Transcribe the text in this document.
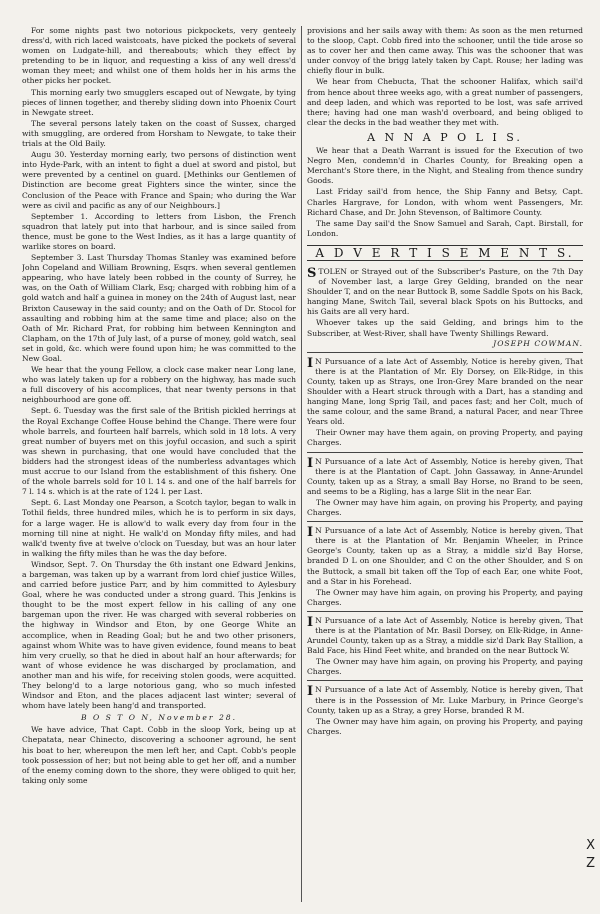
For some nights past two notorious pickpockets, very genteely dress'd, with rich laced waistcoats, have picked the pockets of several women on Ludgate-hill, and thereabouts; which they effect by pretending to be in liquor, and requesting a kiss of any well dress'd woman they meet; and whilst one of them holds her in his arms the other picks her pocket.

This morning early two smugglers escaped out of Newgate, by tying pieces of linnen together, and thereby sliding down into Phoenix Court in Newgate street.

The several persons lately taken on the coast of Sussex, charged with smuggling, are ordered from Horsham to Newgate, to take their trials at the Old Baily.

Augu 30. Yesterday morning early, two persons of distinction went into Hyde-Park, with an intent to fight a duel at sword and pistol, but were prevented by a centinel on guard. [Methinks our Gentlemen of Distinction are become great Fighters since the winter, since the Conclusion of the Peace with France and Spain; who during the War were as civil and pacific as any of our Neighbours.]

September 1. According to letters from Lisbon, the French squadron that lately put into that harbour, and is since sailed from thence, must be gone to the West Indies, as it has a large quantity of warlike stores on board.

September 3. Last Thursday Thomas Stanley was examined before John Copeland and William Browning, Esqrs. when several gentlemen appearing, who have lately been robbed in the county of Surrey, he was, on the Oath of William Clark, Esq; charged with robbing him of a gold watch and half a guinea in money on the 24th of August last, near Brixton Causeway in the said county; and on the Oath of Dr. Stocol for assaulting and robbing him at the same time and place; also on the Oath of Mr. Richard Prat, for robbing him between Kennington and Clapham, on the 17th of July last, of a purse of money, gold watch, seal set in gold, &c. which were found upon him; he was committed to the New Goal.

We hear that the young Fellow, a clock case maker near Long lane, who was lately taken up for a robbery on the highway, has made such a full discovery of his accomplices, that near twenty persons in that neighbourhood are gone off.

Sept. 6. Tuesday was the first sale of the British pickled herrings at the Royal Exchange Coffee House behind the Change. There were four whole barrels, and fourteen half barrels, which sold in 18 lots. A very great number of buyers met on this joyful occasion, and such a spirit was shewn in purchasing, that one would have concluded that the bidders had the strongest ideas of the numberless advantages which must accrue to our Island from the establishment of this fishery. One of the whole barrels sold for 10 l. 14 s. and one of the half barrels for 7 l. 14 s. which is at the rate of 124 l. per Last.

Sept. 6. Last Monday one Pearson, a Scotch taylor, began to walk in Tothil fields, three hundred miles, which he is to perform in six days, for a large wager. He is allow'd to walk every day from four in the morning till nine at night. He walk'd on Monday fifty miles, and had walk'd twenty five at twelve o'clock on Tuesday, but was an hour later in walking the fifty miles than he was the day before.

Windsor, Sept. 7. On Thursday the 6th instant one Edward Jenkins, a bargeman, was taken up by a warrant from lord chief justice Willes, and carried before justice Parr, and by him committed to Aylesbury Goal, where he was conducted under a strong guard. This Jenkins is thought to be the most expert fellow in his calling of any one bargeman upon the river. He was charged with several robberies on the highway in Windsor and Eton, by one George White an accomplice, when in Reading Goal; but he and two other prisoners, against whom White was to have given evidence, found means to beat him very cruelly, so that he died in about half an hour afterwards; for want of whose evidence he was discharged by proclamation, and another man and his wife, for receiving stolen goods, were acquitted. They belong'd to a large notorious gang, who so much infested Windsor and Eton, and the places adjacent last winter; several of whom have lately been hang'd and transported.

B O S T O N, November 28.

We have advice, That Capt. Cobb in the sloop York, being up at Chepatata, near Chinecto, discovering a schooner aground, he sent his boat to her, whereupon the men left her, and Capt. Cobb's people took possession of her; but not being able to get her off, and a number of the enemy coming down to the shore, they were obliged to quit her, taking only some

provisions and her sails away with them: As soon as the men returned to the sloop, Capt. Cobb fired into the schooner, until the tide arose so as to cover her and then came away. This was the schooner that was under convoy of the brigg lately taken by Capt. Rouse; her lading was chiefly flour in bulk.

We hear from Chebucta, That the schooner Halifax, which sail'd from hence about three weeks ago, with a great number of passengers, and deep laden, and which was reported to be lost, was safe arrived there; having had one man wash'd overboard, and being obliged to clear the decks in the bad weather they met with.

A N N A P O L I S.

We hear that a Death Warrant is issued for the Execution of two Negro Men, condemn'd in Charles County, for Breaking open a Merchant's Store there, in the Night, and Stealing from thence sundry Goods.

Last Friday sail'd from hence, the Ship Fanny and Betsy, Capt. Charles Hargrave, for London, with whom went Passengers, Mr. Richard Chase, and Dr. John Stevenson, of Baltimore County.

The same Day sail'd the Snow Samuel and Sarah, Capt. Birstall, for London.

A D V E R T I S E M E N T S.
S TOLEN or Strayed out of the Subscriber's Pasture, on the 7th Day of November last, a large Grey Gelding, branded on the near Shoulder T, and on the near Buttock B, some Saddle Spots on his Back, hanging Mane, Switch Tail, several black Spots on his Buttocks, and his Gaits are all very hard.

Whoever takes up the said Gelding, and brings him to the Subscriber, at West-River, shall have Twenty Shillings Reward.

JOSEPH COWMAN.
I N Pursuance of a late Act of Assembly, Notice is hereby given, That there is at the Plantation of Mr. Ely Dorsey, on Elk-Ridge, in this County, taken up as Strays, one Iron-Grey Mare branded on the near Shoulder with a Heart struck through with a Dart, has a standing and hanging Mane, long Sprig Tail, and paces fast; and her Colt, much of the same colour, and the same Brand, a natural Pacer, and near Three Years old.

Their Owner may have them again, on proving Property, and paying Charges.

I N Pursuance of a late Act of Assembly, Notice is hereby given, That there is at the Plantation of Capt. John Gassaway, in Anne-Arundel County, taken up as a Stray, a small Bay Horse, no Brand to be seen, and seems to be a Rigling, has a large Slit in the near Ear.

The Owner may have him again, on proving his Property, and paying Charges.

I N Pursuance of a late Act of Assembly, Notice is hereby given, That there is at the Plantation of Mr. Benjamin Wheeler, in Prince George's County, taken up as a Stray, a middle siz'd Bay Horse, branded D L on one Shoulder, and C on the other Shoulder, and S on the Buttock, a small bit taken off the Top of each Ear, one white Foot, and a Star in his Forehead.

The Owner may have him again, on proving his Property, and paying Charges.

I N Pursuance of a late Act of Assembly, Notice is hereby given, That there is at the Plantation of Mr. Basil Dorsey, on Elk-Ridge, in Anne-Arundel County, taken up as a Stray, a middle siz'd Dark Bay Stallion, a Bald Face, his Hind Feet white, and branded on the near Buttock W.

The Owner may have him again, on proving his Property, and paying Charges.

I N Pursuance of a late Act of Assembly, Notice is hereby given, That there is in the Possession of Mr. Luke Marbury, in Prince George's County, taken up as a Stray, a grey Horse, branded R M.

The Owner may have him again, on proving his Property, and paying Charges.

X
Z
